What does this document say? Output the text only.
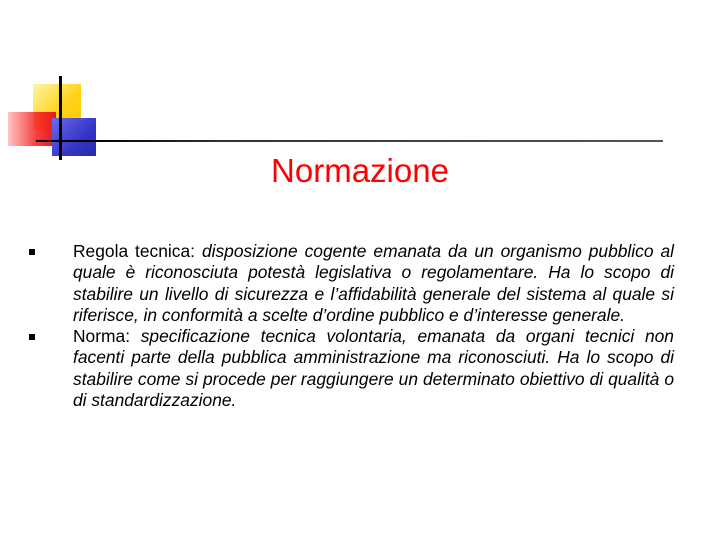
Normazione
Regola tecnica: disposizione cogente emanata da un organismo pubblico al quale è riconosciuta potestà legislativa o regolamentare. Ha lo scopo di stabilire un livello di sicurezza e l’affidabilità generale del sistema al quale si riferisce, in conformità a scelte d’ordine pubblico e d’interesse generale.
Norma: specificazione tecnica volontaria, emanata da organi tecnici non facenti parte della pubblica amministrazione ma riconosciuti. Ha lo scopo di stabilire come si procede per raggiungere un determinato obiettivo di qualità o di standardizzazione.
